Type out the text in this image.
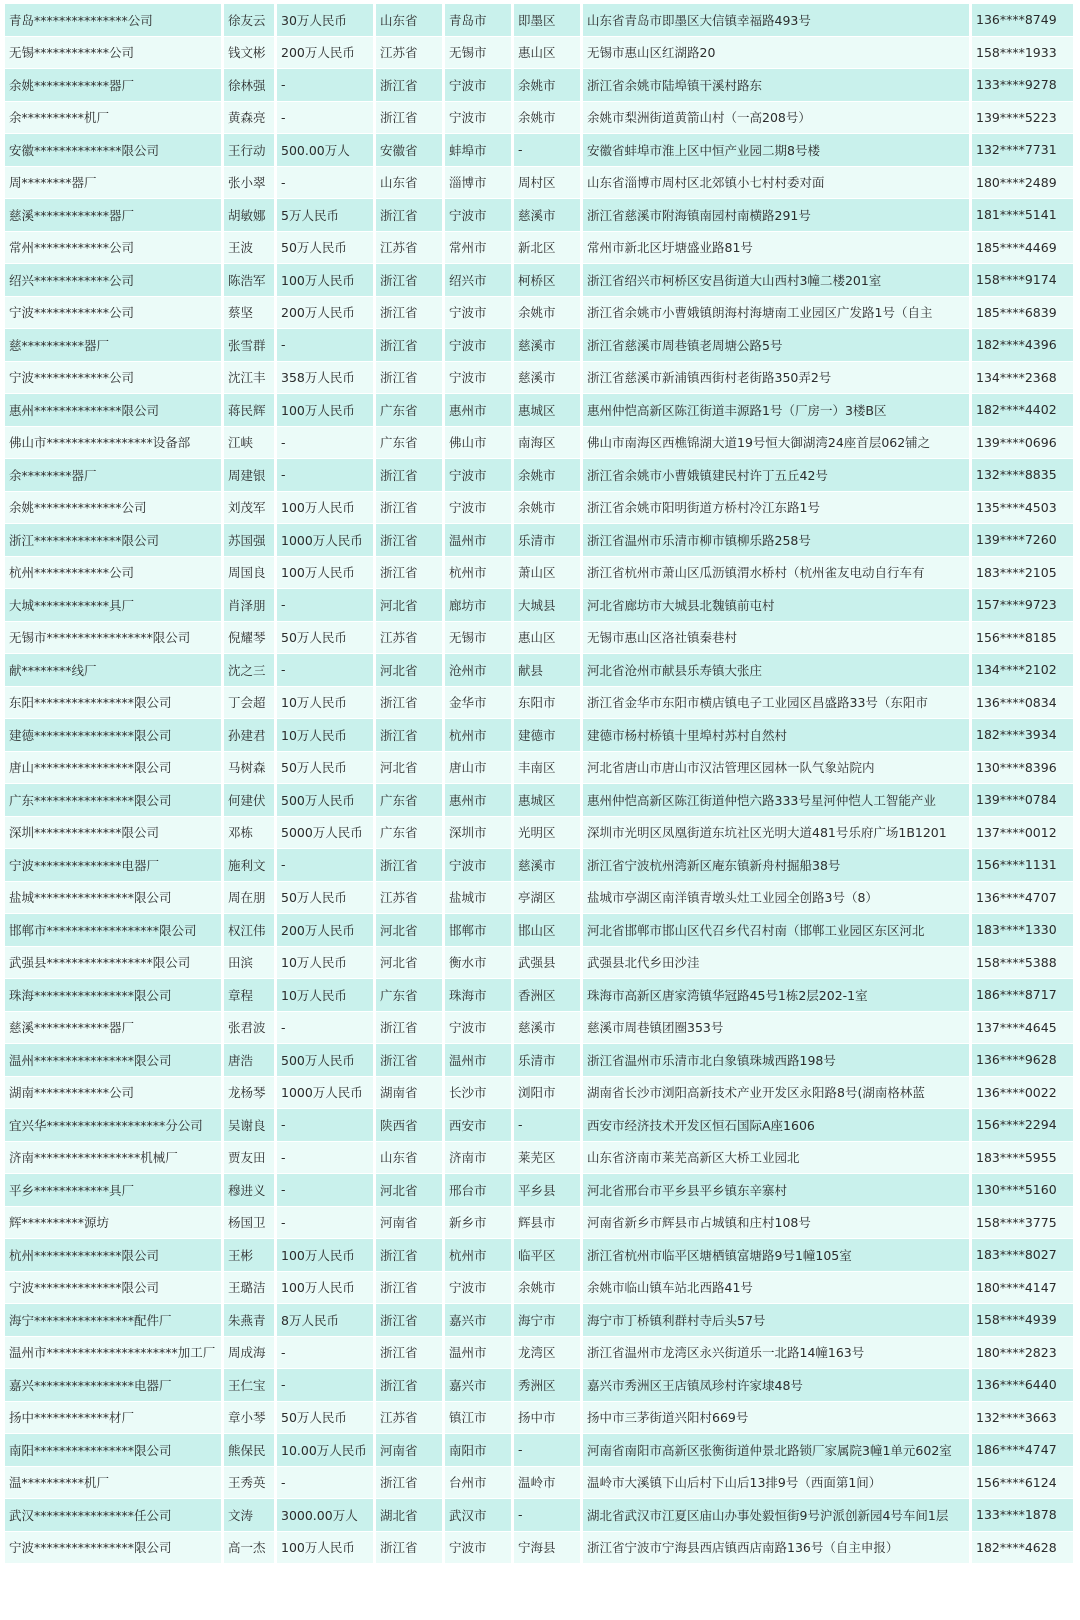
青岛***************公司	徐友云	30万人民币	山东省	青岛市	即墨区	山东省青岛市即墨区大信镇幸福路493号	136****8749
无锡************公司	钱文彬	200万人民币	江苏省	无锡市	惠山区	无锡市惠山区红湖路20	158****1933
余姚************器厂	徐林强	-	浙江省	宁波市	余姚市	浙江省余姚市陆埠镇干溪村路东	133****9278
余**********机厂	黄森亮	-	浙江省	宁波市	余姚市	余姚市梨洲街道黄箭山村（一高208号）	139****5223
安徽**************限公司	王行动	500.00万人	安徽省	蚌埠市	-	安徽省蚌埠市淮上区中恒产业园二期8号楼	132****7731
周********器厂	张小翠	-	山东省	淄博市	周村区	山东省淄博市周村区北郊镇小七村村委对面	180****2489
慈溪************器厂	胡敏娜	5万人民币	浙江省	宁波市	慈溪市	浙江省慈溪市附海镇南园村南横路291号	181****5141
常州************公司	王波	50万人民币	江苏省	常州市	新北区	常州市新北区圩塘盛业路81号	185****4469
绍兴************公司	陈浩军	100万人民币	浙江省	绍兴市	柯桥区	浙江省绍兴市柯桥区安昌街道大山西村3幢二楼201室	158****9174
宁波************公司	蔡坚	200万人民币	浙江省	宁波市	余姚市	浙江省余姚市小曹娥镇朗海村海塘南工业园区广发路1号（自主	185****6839
慈**********器厂	张雪群	-	浙江省	宁波市	慈溪市	浙江省慈溪市周巷镇老周塘公路5号	182****4396
宁波************公司	沈江丰	358万人民币	浙江省	宁波市	慈溪市	浙江省慈溪市新浦镇西街村老街路350弄2号	134****2368
惠州**************限公司	蒋民辉	100万人民币	广东省	惠州市	惠城区	惠州仲恺高新区陈江街道丰源路1号（厂房一）3楼B区	182****4402
佛山市*****************设备部	江峡	-	广东省	佛山市	南海区	佛山市南海区西樵锦湖大道19号恒大御湖湾24座首层062铺之	139****0696
余********器厂	周建银	-	浙江省	宁波市	余姚市	浙江省余姚市小曹娥镇建民村许丁五丘42号	132****8835
余姚**************公司	刘茂军	100万人民币	浙江省	宁波市	余姚市	浙江省余姚市阳明街道方桥村冷江东路1号	135****4503
浙江**************限公司	苏国强	1000万人民币	浙江省	温州市	乐清市	浙江省温州市乐清市柳市镇柳乐路258号	139****7260
杭州************公司	周国良	100万人民币	浙江省	杭州市	萧山区	浙江省杭州市萧山区瓜沥镇渭水桥村（杭州雀友电动自行车有	183****2105
大城************具厂	肖泽朋	-	河北省	廊坊市	大城县	河北省廊坊市大城县北魏镇前屯村	157****9723
无锡市*****************限公司	倪耀琴	50万人民币	江苏省	无锡市	惠山区	无锡市惠山区洛社镇秦巷村	156****8185
献********线厂	沈之三	-	河北省	沧州市	献县	河北省沧州市献县乐寿镇大张庄	134****2102
东阳****************限公司	丁会超	10万人民币	浙江省	金华市	东阳市	浙江省金华市东阳市横店镇电子工业园区昌盛路33号（东阳市	136****0834
建德****************限公司	孙建君	10万人民币	浙江省	杭州市	建德市	建德市杨村桥镇十里埠村苏村自然村	182****3934
唐山****************限公司	马树森	50万人民币	河北省	唐山市	丰南区	河北省唐山市唐山市汉沽管理区园林一队气象站院内	130****8396
广东****************限公司	何建伏	500万人民币	广东省	惠州市	惠城区	惠州仲恺高新区陈江街道仲恺六路333号星河仲恺人工智能产业	139****0784
深圳**************限公司	邓栋	5000万人民币	广东省	深圳市	光明区	深圳市光明区凤凰街道东坑社区光明大道481号乐府广场1B1201	137****0012
宁波**************电器厂	施利文	-	浙江省	宁波市	慈溪市	浙江省宁波杭州湾新区庵东镇新舟村掘船38号	156****1131
盐城****************限公司	周在朋	50万人民币	江苏省	盐城市	亭湖区	盐城市亭湖区南洋镇青墩头灶工业园全创路3号（8）	136****4707
邯郸市******************限公司	权江伟	200万人民币	河北省	邯郸市	邯山区	河北省邯郸市邯山区代召乡代召村南（邯郸工业园区东区河北	183****1330
武强县*****************限公司	田滨	10万人民币	河北省	衡水市	武强县	武强县北代乡田沙洼	158****5388
珠海****************限公司	章程	10万人民币	广东省	珠海市	香洲区	珠海市高新区唐家湾镇华冠路45号1栋2层202-1室	186****8717
慈溪************器厂	张君波	-	浙江省	宁波市	慈溪市	慈溪市周巷镇团圈353号	137****4645
温州****************限公司	唐浩	500万人民币	浙江省	温州市	乐清市	浙江省温州市乐清市北白象镇珠城西路198号	136****9628
湖南************公司	龙杨琴	1000万人民币	湖南省	长沙市	浏阳市	湖南省长沙市浏阳高新技术产业开发区永阳路8号(湖南格林蓝	136****0022
宜兴华*******************分公司	吴谢良	-	陕西省	西安市	-	西安市经济技术开发区恒石国际A座1606	156****2294
济南*****************机械厂	贾友田	-	山东省	济南市	莱芜区	山东省济南市莱芜高新区大桥工业园北	183****5955
平乡************具厂	穆进义	-	河北省	邢台市	平乡县	河北省邢台市平乡县平乡镇东辛寨村	130****5160
辉**********源坊	杨国卫	-	河南省	新乡市	辉县市	河南省新乡市辉县市占城镇和庄村108号	158****3775
杭州**************限公司	王彬	100万人民币	浙江省	杭州市	临平区	浙江省杭州市临平区塘栖镇富塘路9号1幢105室	183****8027
宁波**************限公司	王璐洁	100万人民币	浙江省	宁波市	余姚市	余姚市临山镇车站北西路41号	180****4147
海宁****************配件厂	朱燕青	8万人民币	浙江省	嘉兴市	海宁市	海宁市丁桥镇利群村寺后头57号	158****4939
温州市*********************加工厂	周成海	-	浙江省	温州市	龙湾区	浙江省温州市龙湾区永兴街道乐一北路14幢163号	180****2823
嘉兴****************电器厂	王仁宝	-	浙江省	嘉兴市	秀洲区	嘉兴市秀洲区王店镇凤珍村许家埭48号	136****6440
扬中************材厂	章小琴	50万人民币	江苏省	镇江市	扬中市	扬中市三茅街道兴阳村669号	132****3663
南阳****************限公司	熊保民	10.00万人民币	河南省	南阳市	-	河南省南阳市高新区张衡街道仲景北路锁厂家属院3幢1单元602室	186****4747
温**********机厂	王秀英	-	浙江省	台州市	温岭市	温岭市大溪镇下山后村下山后13排9号（西面第1间）	156****6124
武汉****************任公司	文涛	3000.00万人	湖北省	武汉市	-	湖北省武汉市江夏区庙山办事处毅恒街9号沪派创新园4号车间1层	133****1878
宁波****************限公司	高一杰	100万人民币	浙江省	宁波市	宁海县	浙江省宁波市宁海县西店镇西店南路136号（自主申报）	182****4628
